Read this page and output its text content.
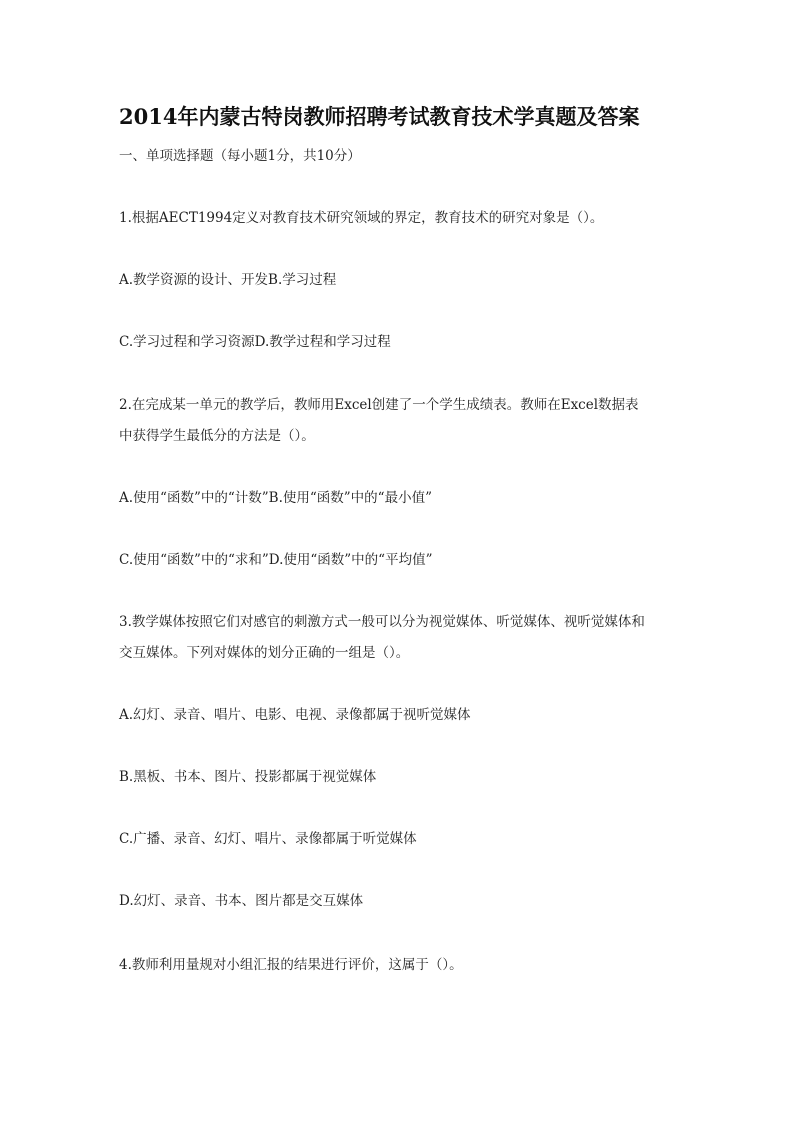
2014年内蒙古特岗教师招聘考试教育技术学真题及答案

一、单项选择题（每小题1分，共10分）

1.根据AECT1994定义对教育技术研究领域的界定，教育技术的研究对象是（）。

A.教学资源的设计、开发B.学习过程

C.学习过程和学习资源D.教学过程和学习过程

2.在完成某一单元的教学后，教师用Excel创建了一个学生成绩表。教师在Excel数据表

中获得学生最低分的方法是（）。

A.使用“函数”中的“计数”B.使用“函数”中的“最小值”

C.使用“函数”中的“求和”D.使用“函数”中的“平均值”

3.教学媒体按照它们对感官的刺激方式一般可以分为视觉媒体、听觉媒体、视听觉媒体和

交互媒体。下列对媒体的划分正确的一组是（）。

A.幻灯、录音、唱片、电影、电视、录像都属于视听觉媒体

B.黑板、书本、图片、投影都属于视觉媒体

C.广播、录音、幻灯、唱片、录像都属于听觉媒体

D.幻灯、录音、书本、图片都是交互媒体

4.教师利用量规对小组汇报的结果进行评价，这属于（）。
